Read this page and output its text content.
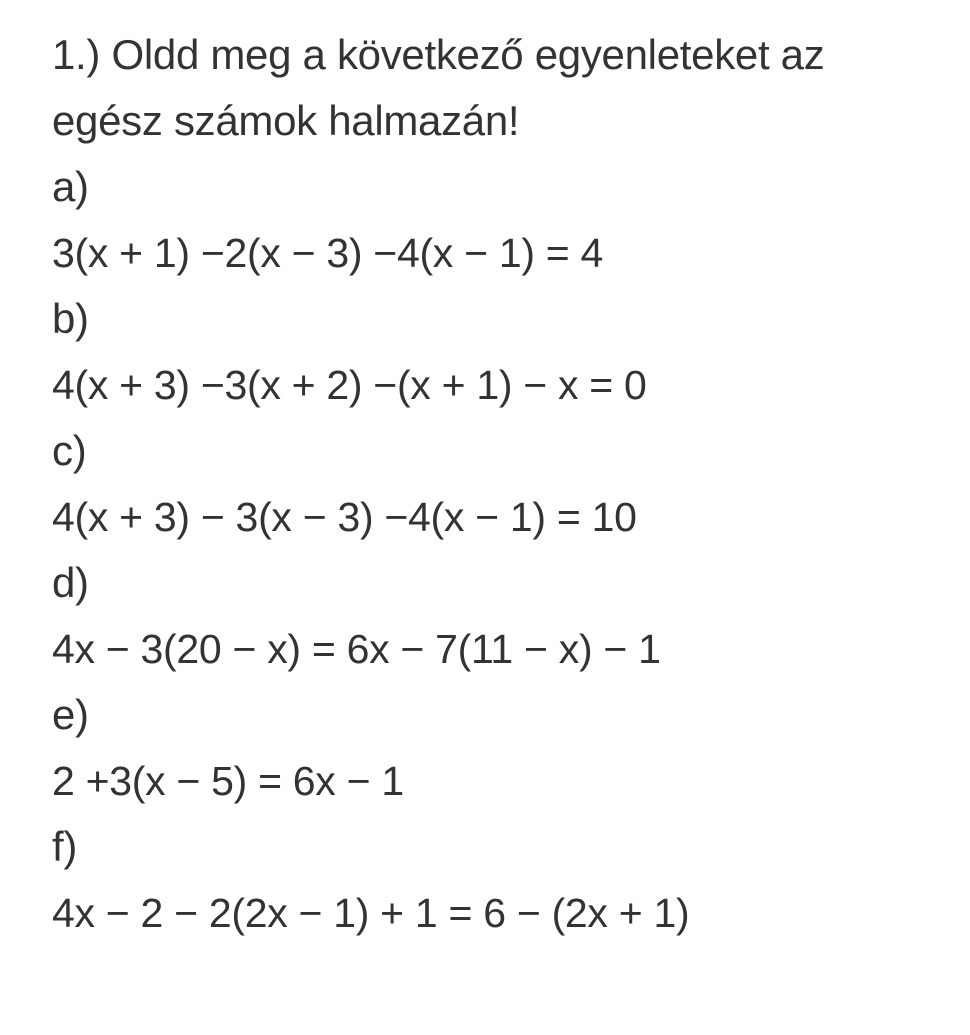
1.) Oldd meg a következő egyenleteket az
egész számok halmazán!
a)
3(x + 1) −2(x − 3) −4(x − 1) = 4
b)
4(x + 3) −3(x + 2) −(x + 1) − x = 0
c)
4(x + 3) − 3(x − 3) −4(x − 1) = 10
d)
4x − 3(20 − x) = 6x − 7(11 − x) − 1
e)
2 +3(x − 5) = 6x − 1
f)
4x − 2 − 2(2x − 1) + 1 = 6 − (2x + 1)
